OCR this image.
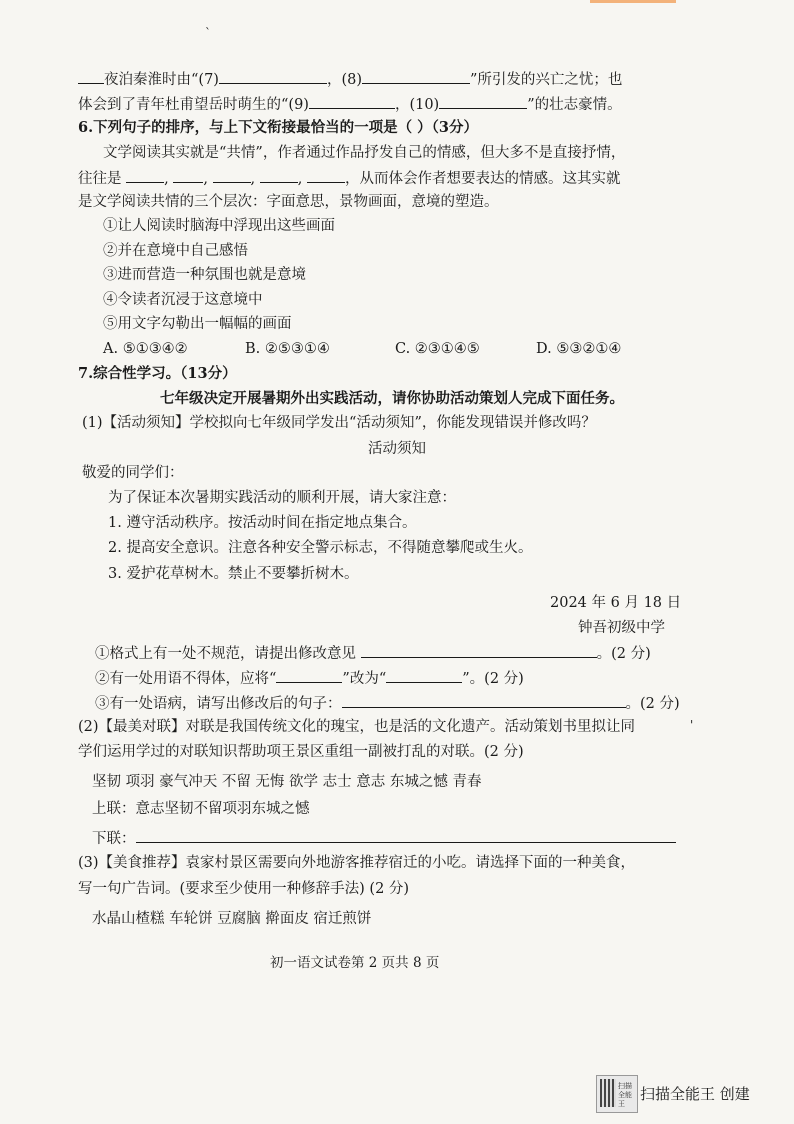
`
夜泊秦淮时由“(7)	，(8)	”所引发的兴亡之忧；也
体会到了青年杜甫望岳时萌生的“(9)	，(10)	”的壮志豪情。
6.下列句子的排序，与上下文衔接最恰当的一项是（ ）（3分）
文学阅读其实就是“共情”，作者通过作品抒发自己的情感，但大多不是直接抒情，
往往是	, ,	,	,	，从而体会作者想要表达的情感。这其实就
是文学阅读共情的三个层次：字面意思，景物画面，意境的塑造。
①让人阅读时脑海中浮现出这些画面
②并在意境中自己感悟
③进而营造一种氛围也就是意境
④令读者沉浸于这意境中
⑤用文字勾勒出一幅幅的画面
A. ⑤①③④②	B. ②⑤③①④	C. ②③①④⑤	D. ⑤③②①④
7.综合性学习。（13分）
七年级决定开展暑期外出实践活动，请你协助活动策划人完成下面任务。
(1)【活动须知】学校拟向七年级同学发出“活动须知”，你能发现错误并修改吗？
活动须知
敬爱的同学们：
为了保证本次暑期实践活动的顺利开展，请大家注意：
1. 遵守活动秩序。按活动时间在指定地点集合。
2. 提高安全意识。注意各种安全警示标志，不得随意攀爬或生火。
3. 爱护花草树木。禁止不要攀折树木。
2024 年 6 月 18 日
钟吾初级中学
①格式上有一处不规范，请提出修改意见	。(2 分)
②有一处用语不得体，应将“	”改为“	”。(2 分)
③有一处语病，请写出修改后的句子：	。(2 分)
'
(2)【最美对联】对联是我国传统文化的瑰宝，也是活的文化遗产。活动策划书里拟让同
学们运用学过的对联知识帮助项王景区重组一副被打乱的对联。(2 分)
坚韧 项羽 豪气冲天 不留 无悔 欲学 志士 意志 东城之憾 青春
上联：意志坚韧不留项羽东城之憾
下联：
(3)【美食推荐】袁家村景区需要向外地游客推荐宿迁的小吃。请选择下面的一种美食，
写一句广告词。(要求至少使用一种修辞手法) (2 分)
水晶山楂糕 车轮饼 豆腐脑 擀面皮 宿迁煎饼
初一语文试卷第 2 页共 8 页
扫描全能王
扫描全能王 创建
